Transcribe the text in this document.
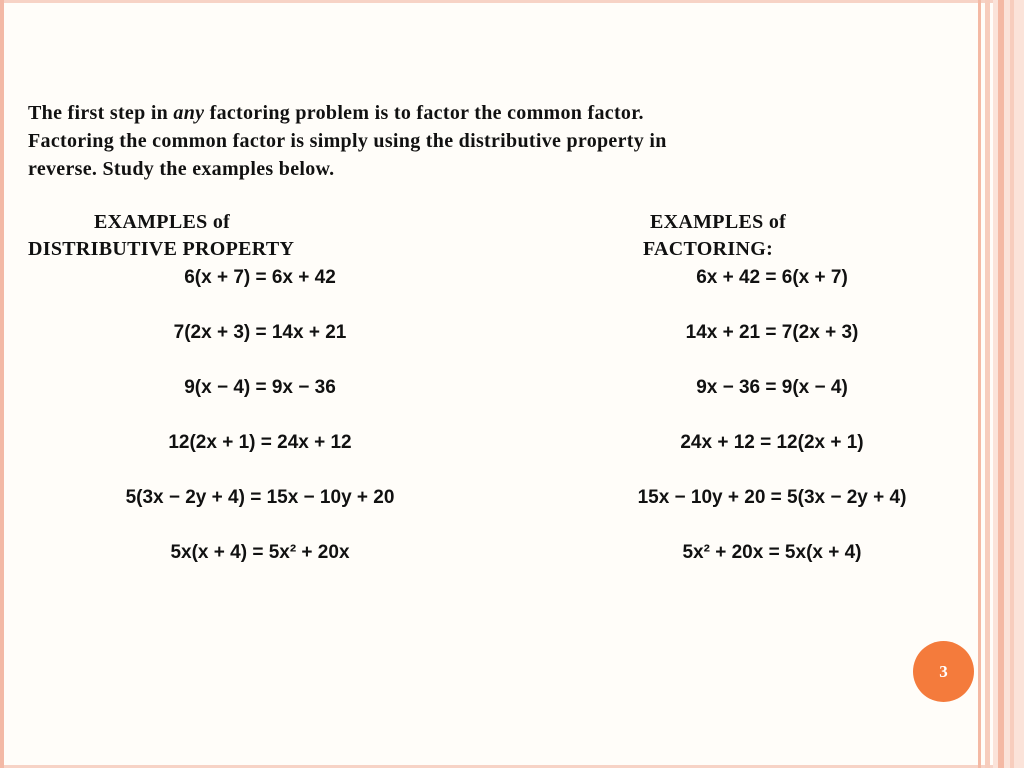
The first step in any factoring problem is to factor the common factor.
Factoring the common factor is simply using the distributive property in
reverse. Study the examples below.
EXAMPLES of
DISTRIBUTIVE PROPERTY
EXAMPLES of
FACTORING:
6(x + 7) = 6x + 42
7(2x + 3) = 14x + 21
9(x − 4) = 9x − 36
12(2x + 1) = 24x + 12
5(3x − 2y + 4) = 15x − 10y + 20
5x(x + 4) = 5x² + 20x
6x + 42 = 6(x + 7)
14x + 21 = 7(2x + 3)
9x − 36 = 9(x − 4)
24x + 12 = 12(2x + 1)
15x − 10y + 20 = 5(3x − 2y + 4)
5x² + 20x = 5x(x + 4)
3
